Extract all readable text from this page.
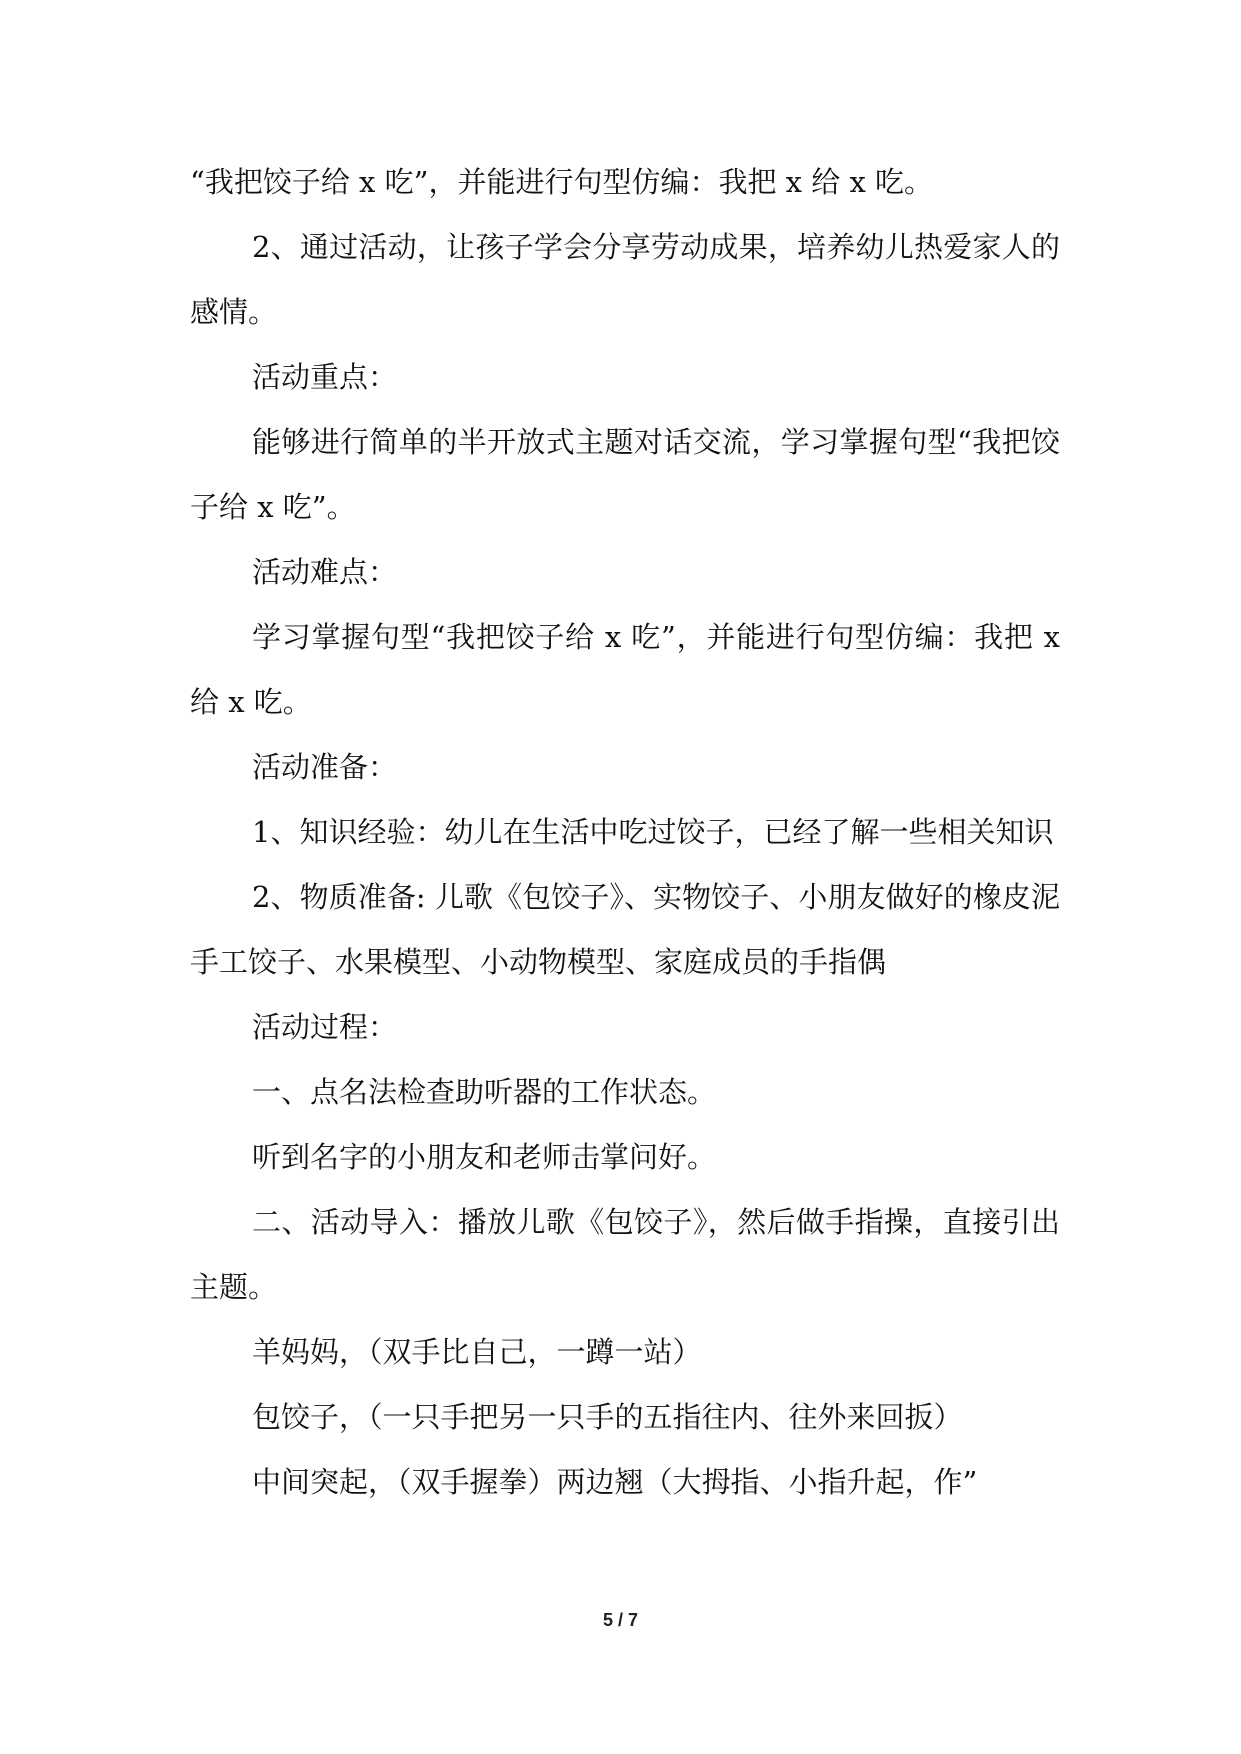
“我把饺子给 x 吃”，并能进行句型仿编：我把 x 给 x 吃。

2、通过活动，让孩子学会分享劳动成果，培养幼儿热爱家人的感情。

活动重点：

能够进行简单的半开放式主题对话交流，学习掌握句型“我把饺子给 x 吃”。

活动难点：

学习掌握句型“我把饺子给 x 吃”，并能进行句型仿编：我把 x 给 x 吃。

活动准备：

1、知识经验：幼儿在生活中吃过饺子，已经了解一些相关知识

2、物质准备: 儿歌《包饺子》、实物饺子、小朋友做好的橡皮泥手工饺子、水果模型、小动物模型、家庭成员的手指偶

活动过程：

一、点名法检查助听器的工作状态。

听到名字的小朋友和老师击掌问好。

二、活动导入：播放儿歌《包饺子》，然后做手指操，直接引出主题。

羊妈妈，（双手比自己，一蹲一站）

包饺子，（一只手把另一只手的五指往内、往外来回扳）

中间突起，（双手握拳）两边翘（大拇指、小指升起，作”

5 / 7
